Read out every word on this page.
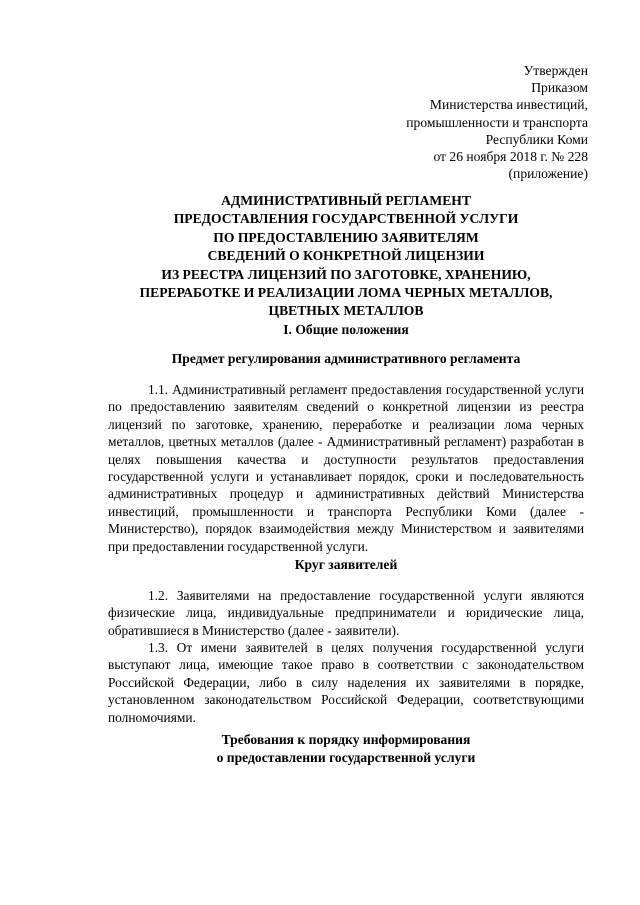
Утвержден
Приказом
Министерства инвестиций,
промышленности и транспорта
Республики Коми
от 26 ноября 2018 г. № 228
(приложение)
АДМИНИСТРАТИВНЫЙ РЕГЛАМЕНТ
ПРЕДОСТАВЛЕНИЯ ГОСУДАРСТВЕННОЙ УСЛУГИ
ПО ПРЕДОСТАВЛЕНИЮ ЗАЯВИТЕЛЯМ
СВЕДЕНИЙ О КОНКРЕТНОЙ ЛИЦЕНЗИИ
ИЗ РЕЕСТРА ЛИЦЕНЗИЙ ПО ЗАГОТОВКЕ, ХРАНЕНИЮ,
ПЕРЕРАБОТКЕ И РЕАЛИЗАЦИИ ЛОМА ЧЕРНЫХ МЕТАЛЛОВ,
ЦВЕТНЫХ МЕТАЛЛОВ
I. Общие положения
Предмет регулирования административного регламента
1.1. Административный регламент предоставления государственной услуги по предоставлению заявителям сведений о конкретной лицензии из реестра лицензий по заготовке, хранению, переработке и реализации лома черных металлов, цветных металлов (далее - Административный регламент) разработан в целях повышения качества и доступности результатов предоставления государственной услуги и устанавливает порядок, сроки и последовательность административных процедур и административных действий Министерства инвестиций, промышленности и транспорта Республики Коми (далее - Министерство), порядок взаимодействия между Министерством и заявителями при предоставлении государственной услуги.
Круг заявителей
1.2. Заявителями на предоставление государственной услуги являются физические лица, индивидуальные предприниматели и юридические лица, обратившиеся в Министерство (далее - заявители).
1.3. От имени заявителей в целях получения государственной услуги выступают лица, имеющие такое право в соответствии с законодательством Российской Федерации, либо в силу наделения их заявителями в порядке, установленном законодательством Российской Федерации, соответствующими полномочиями.
Требования к порядку информирования
о предоставлении государственной услуги
